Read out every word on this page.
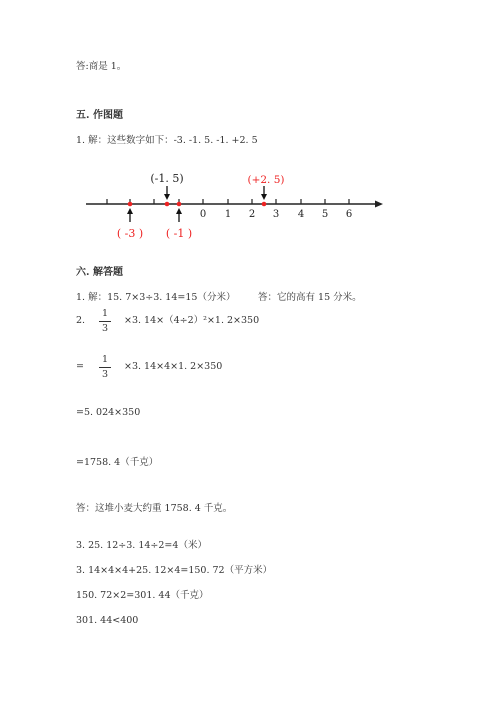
答:商是 1。
五. 作图题
1. 解：这些数字如下：-3. -1. 5. -1. +2. 5
0 1 2 3 4 5 6
(-1. 5)	(+2. 5)
( -3 ) ( -1 )
六. 解答题
1. 解：15. 7×3÷3. 14=15（分米） 答：它的高有 15 分米。
2.
1
3
×3. 14×（4÷2）²×1. 2×350
=
1
3
×3. 14×4×1. 2×350
=5. 024×350
=1758. 4（千克）
答：这堆小麦大约重 1758. 4 千克。
3. 25. 12÷3. 14÷2=4（米）
3. 14×4×4+25. 12×4=150. 72（平方米）
150. 72×2=301. 44（千克）
301. 44<400
